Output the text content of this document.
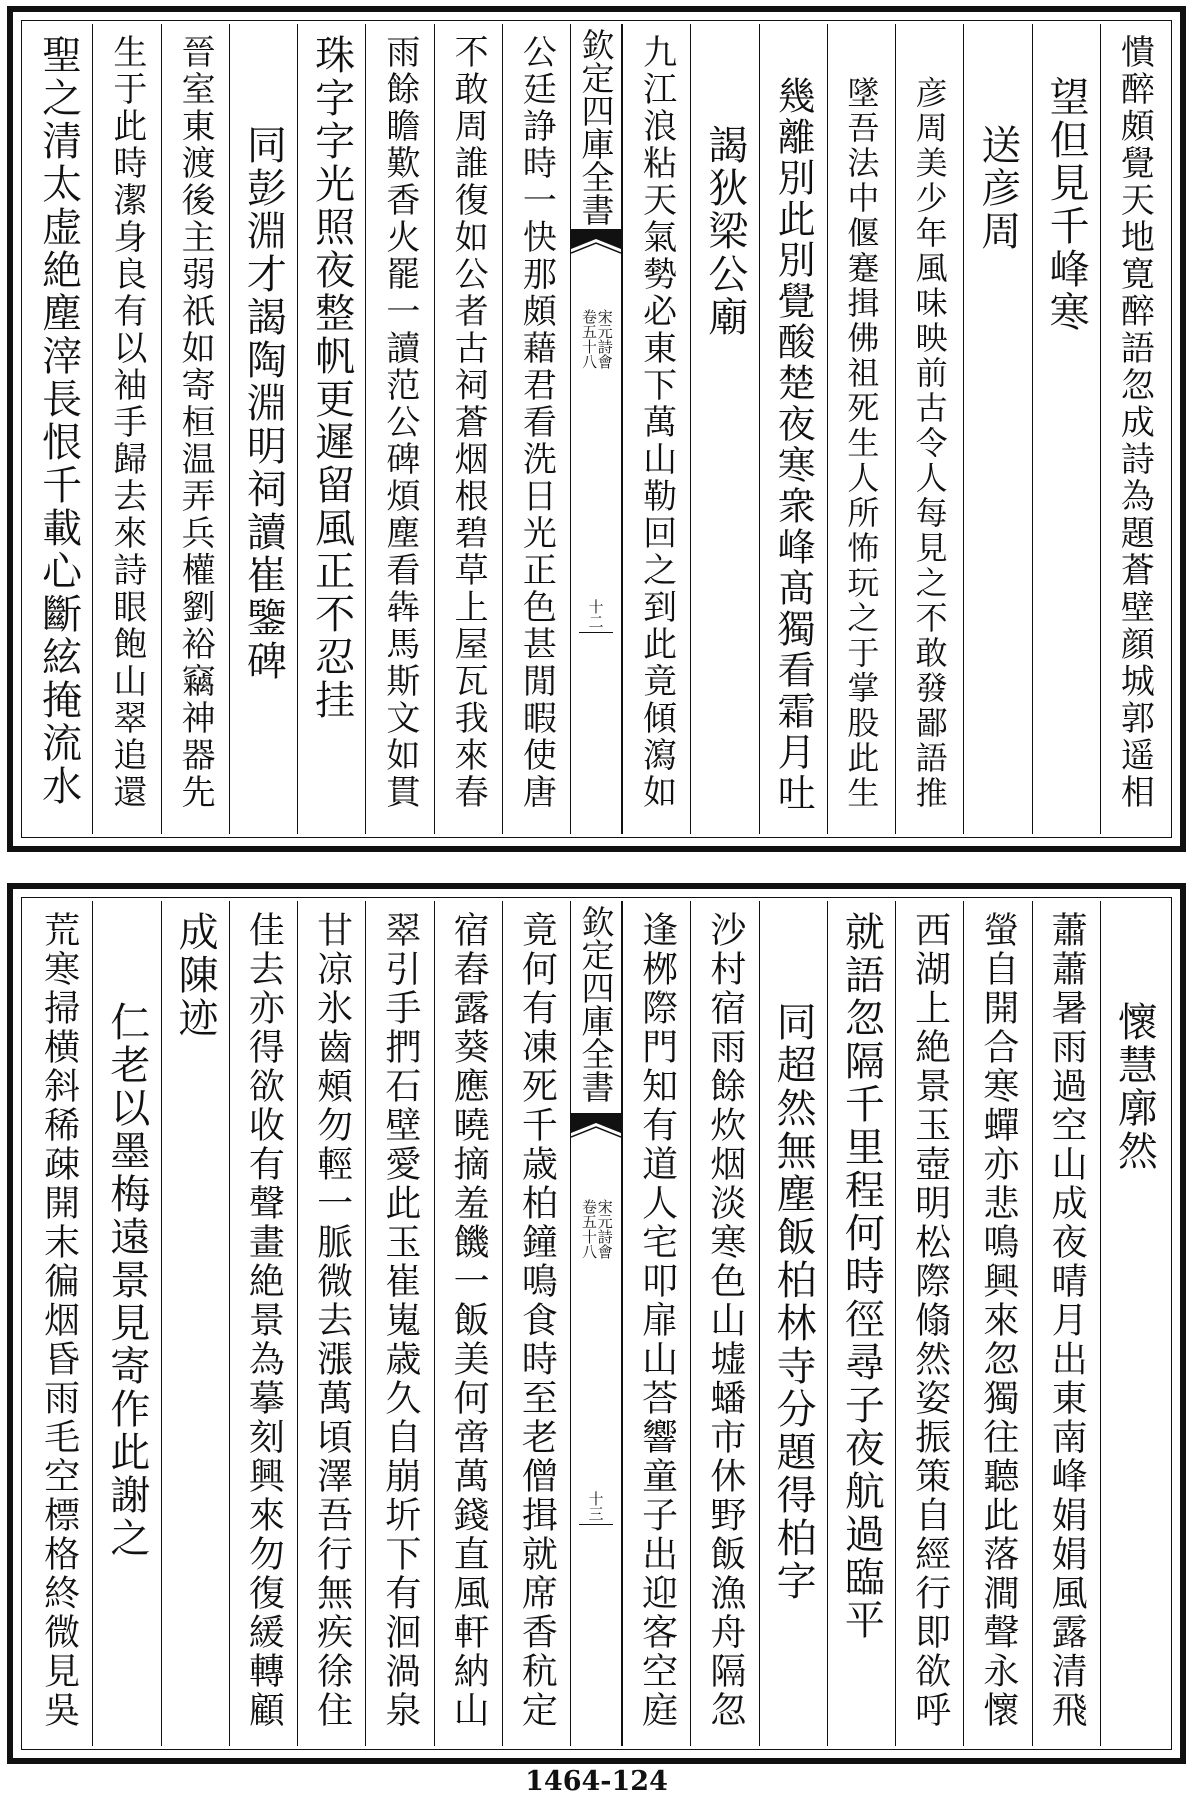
憒醉頗覺天地寛醉語忽成詩為題蒼壁顔城郭遥相
望但見千峰寒
送彦周
彦周美少年風味映前古令人每見之不敢發鄙語推
墜吾法中偃蹇揖佛祖死生人所怖玩之于掌股此生
幾離別此別覺酸楚夜寒衆峰髙獨看霜月吐
謁狄梁公廟
九江浪粘天氣勢必東下萬山勒回之到此竟傾瀉如
欽定四庫全書
宋元詩會
卷五十八
十二
公廷諍時一快那頗藉君看洗日光正色甚閒暇使唐
不敢周誰復如公者古祠蒼烟根碧草上屋瓦我來春
雨餘瞻歎香火罷一讀范公碑煩塵看犇馬斯文如貫
珠字字光照夜整帆更遲留風正不忍挂
同彭淵才謁陶淵明祠讀崔鑒碑
晉室東渡後主弱祇如寄桓温弄兵權劉裕竊神器先
生于此時潔身良有以袖手歸去來詩眼飽山翠追還
聖之清太虚絶塵滓長恨千載心斷絃掩流水
懷慧廓然
蕭蕭暑雨過空山成夜晴月出東南峰娟娟風露清飛
螢自開合寒蟬亦悲鳴興來忽獨往聽此落澗聲永懷
西湖上絶景玉壺明松際翛然姿振策自經行即欲呼
就語忽隔千里程何時徑尋子夜航過臨平
同超然無塵飯柏林寺分題得柏字
沙村宿雨餘炊烟淡寒色山墟蟠市休野飯漁舟隔忽
逢桞際門知有道人宅叩扉山荅響童子出迎客空庭
欽定四庫全書
宋元詩會
卷五十八
十三
竟何有凍死千歳柏鐘鳴食時至老僧揖就席香秔定
宿舂露葵應曉摘羞饑一飯美何啻萬錢直風軒納山
翠引手捫石壁愛此玉崔嵬歳久自崩圻下有洄渦泉
甘凉氷齒頰勿輕一脈微去漲萬頃澤吾行無疾徐住
佳去亦得欲收有聲畫絶景為摹刻興來勿復緩轉顧
成陳迹
仁老以墨梅遠景見寄作此謝之
荒寒掃横斜稀疎開末徧烟昏雨毛空標格終微見吳
1464-124
